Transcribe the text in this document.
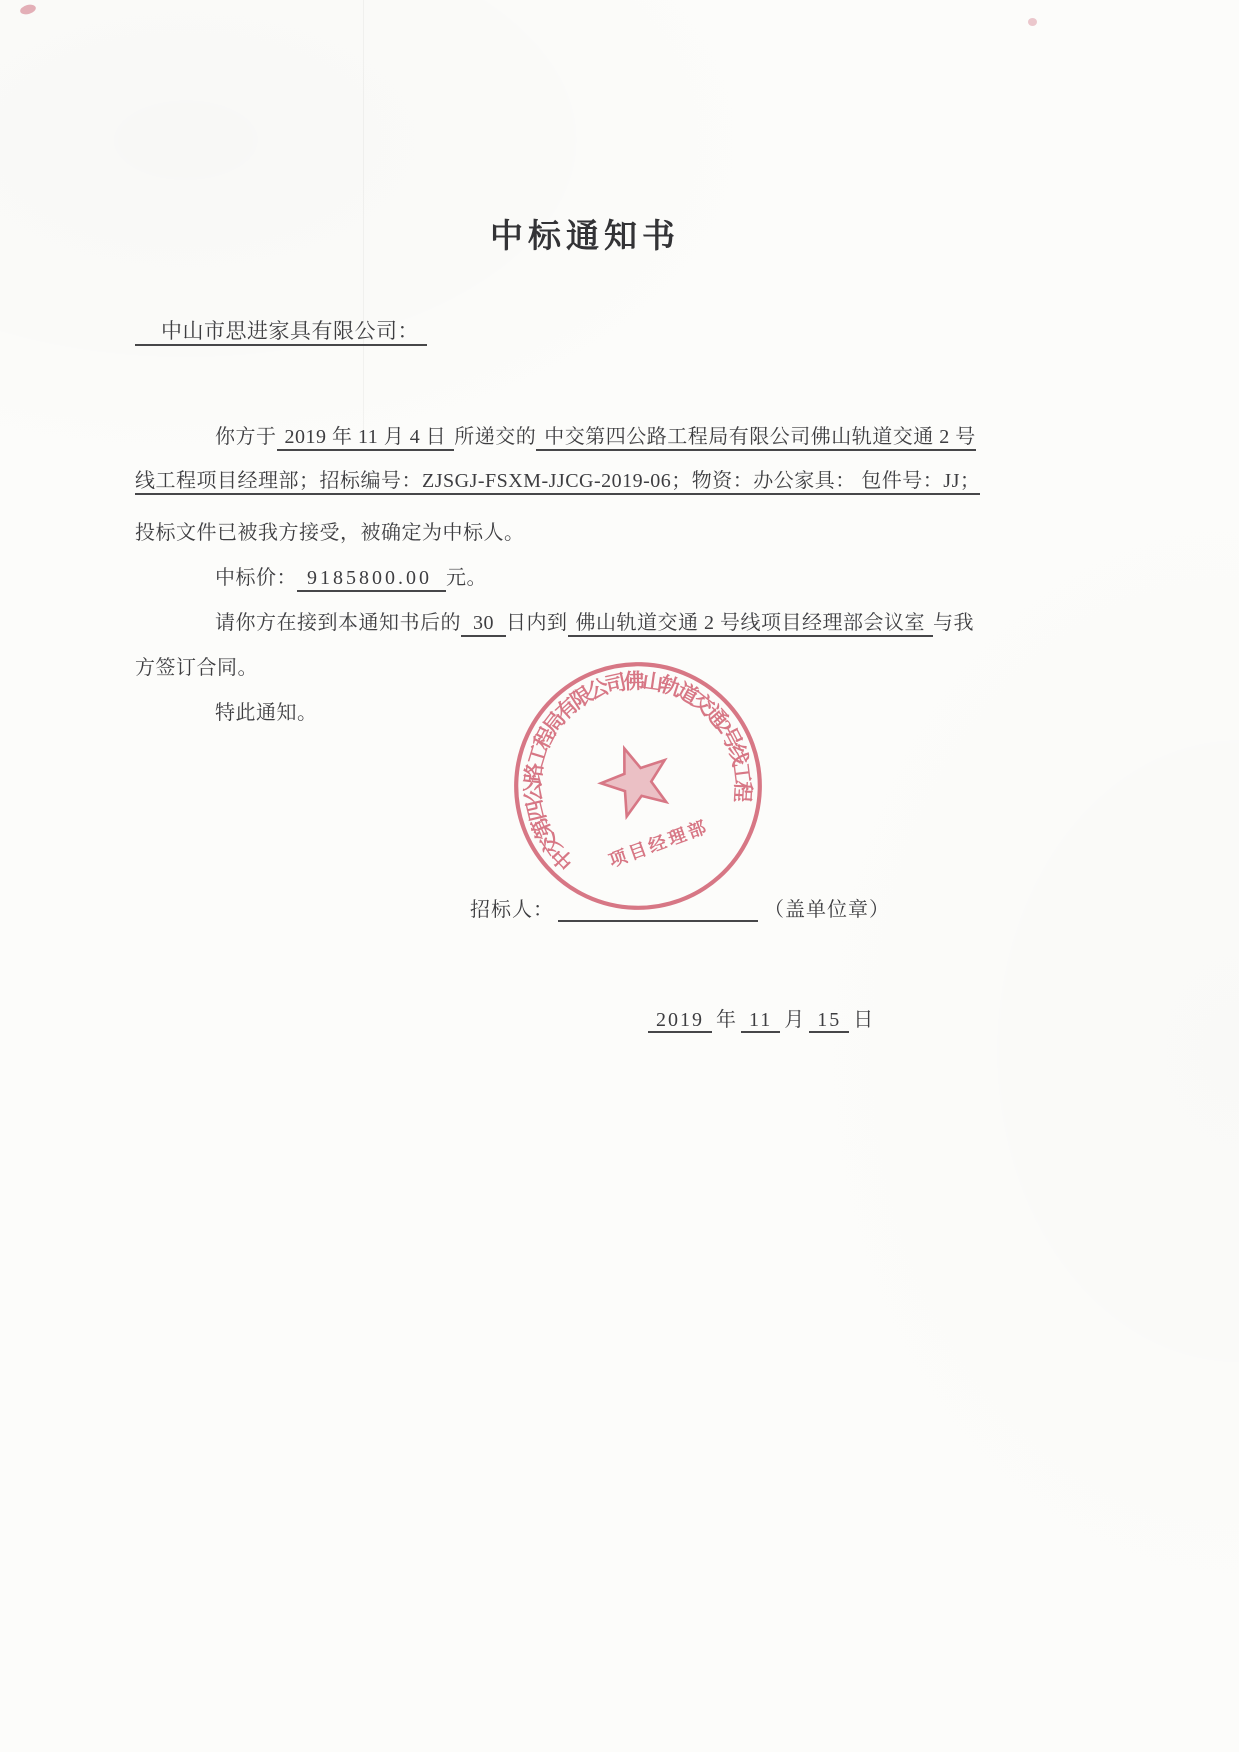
中标通知书
中山市思进家具有限公司：
你方于 2019 年 11 月 4 日 所递交的 中交第四公路工程局有限公司佛山轨道交通 2 号
线工程项目经理部；招标编号：ZJSGJ-FSXM-JJCG-2019-06；物资：办公家具： 包件号：JJ；
投标文件已被我方接受，被确定为中标人。
中标价： 9185800.00 元。
请你方在接到本通知书后的 30 日内到 佛山轨道交通 2 号线项目经理部会议室 与我
方签订合同。
特此通知。
招标人：	（盖单位章）
2019 年 11 月 15 日
中交第四公路工程局有限公司佛山轨道交通2号线工程
项目经理部
